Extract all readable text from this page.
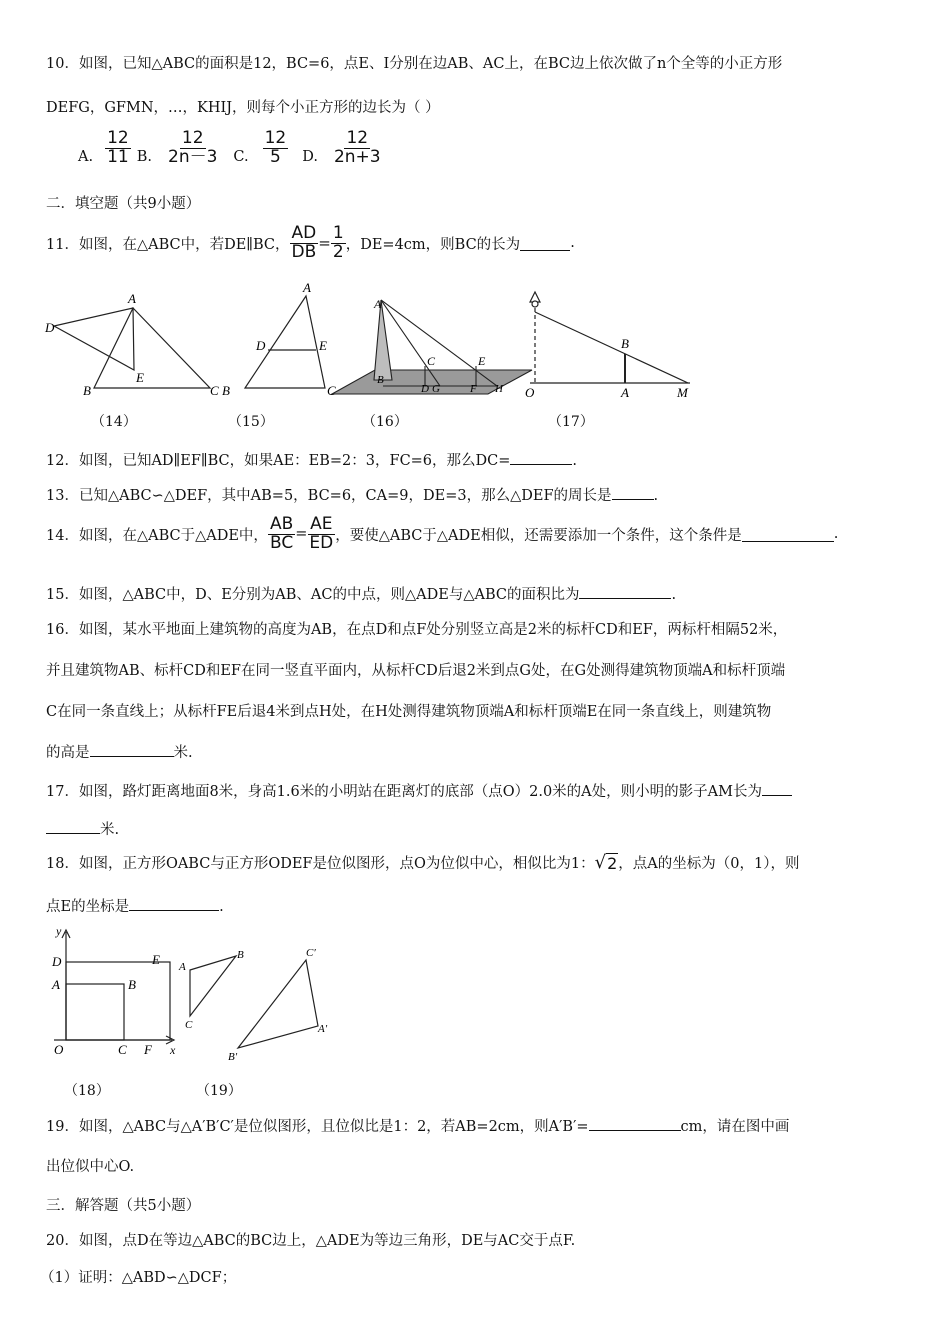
10．如图，已知△ABC的面积是12，BC=6，点E、I分别在边AB、AC上，在BC边上依次做了n个全等的小正方形
DEFG，GFMN，…，KHIJ，则每个小正方形的边长为（ ）
A. $\frac{12}{11} B$. $\frac{12}{2n-3} C$. $\frac{12}{5} D$. $\frac{12}{2n+3}$
二．填空题（共9小题）
11．如图，在△ABC中，若DE∥BC， $\frac{AD}{DB} = \frac{1}{2}$ ，DE=4cm，则BC的长为	.
A
D
B
E
C
A
D	E
B	C
A
C	E
B
D G	F H
B
O	A	M
（14）	（15）	（16）	（17）
12．如图，已知AD∥EF∥BC，如果AE：EB=2：3，FC=6，那么DC=	.
13．已知△ABC∽△DEF，其中AB=5，BC=6，CA=9，DE=3，那么△DEF的周长是	.
14．如图，在△ABC于△ADE中， $\frac{AB}{BC} = \frac{AE}{ED}$ ，要使△ABC于△ADE相似，还需要添加一个条件，这个条件是	.
15．如图，△ABC中，D、E分别为AB、AC的中点，则△ADE与△ABC的面积比为	.
16．如图，某水平地面上建筑物的高度为AB，在点D和点F处分别竖立高是2米的标杆CD和EF，两标杆相隔52米，
并且建筑物AB、标杆CD和EF在同一竖直平面内，从标杆CD后退2米到点G处，在G处测得建筑物顶端A和标杆顶端
C在同一条直线上；从标杆FE后退4米到点H处，在H处测得建筑物顶端A和标杆顶端E在同一条直线上，则建筑物
的高是	米.
17．如图，路灯距离地面8米，身高1.6米的小明站在距离灯的底部（点O）2.0米的A处，则小明的影子AM长为
米.
18．如图，正方形OABC与正方形ODEF是位似图形，点O为位似中心，相似比为1： √ 2 ，点A的坐标为（0，1），则
点E的坐标是	.
y
D	E
A	B
O	C F x
A
B
C
C′
A′
B′
（18）	（19）
19．如图，△ABC与△A′B′C′是位似图形，且位似比是1：2，若AB=2cm，则A′B′=	cm，请在图中画
出位似中心O.
三．解答题（共5小题）
20．如图，点D在等边△ABC的BC边上，△ADE为等边三角形，DE与AC交于点F.
（1）证明：△ABD∽△DCF；
